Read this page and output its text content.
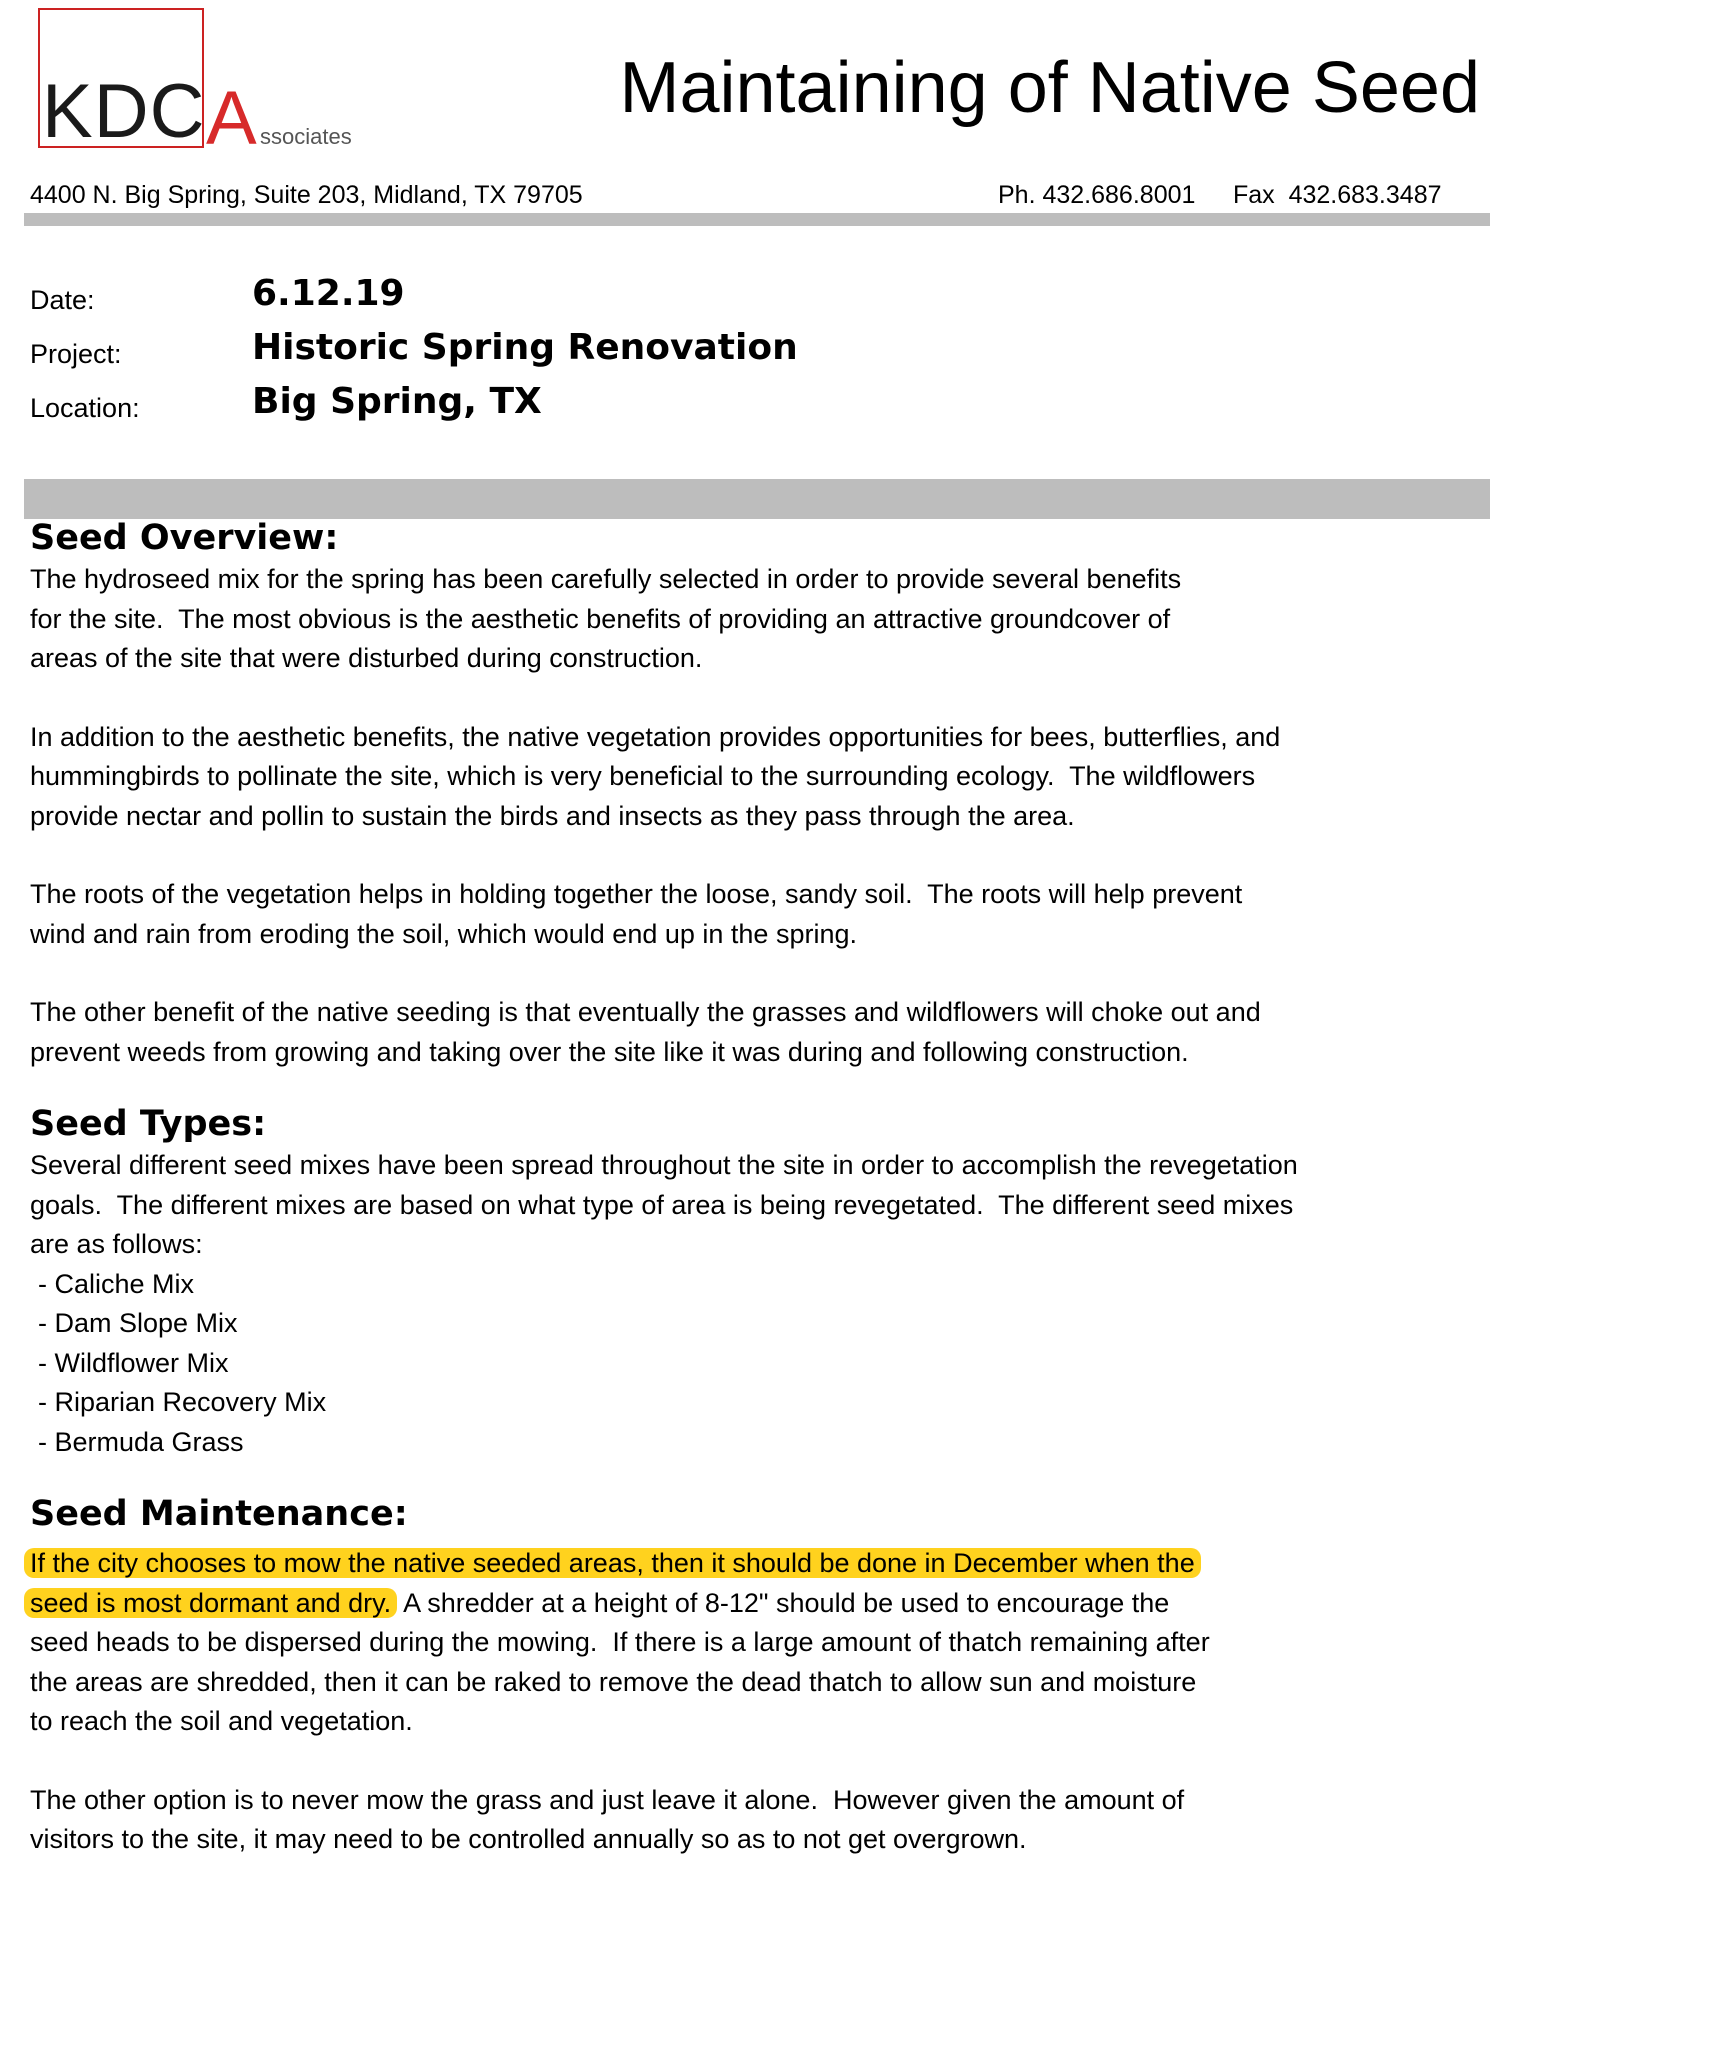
KDC A ssociates
Maintaining of Native Seed
4400 N. Big Spring, Suite 203, Midland, TX 79705	Ph. 432.686.8001 Fax  432.683.3487
Date:	6.12.19
Project:	Historic Spring Renovation
Location:	Big Spring, TX
Seed Overview:

The hydroseed mix for the spring has been carefully selected in order to provide several benefits
for the site.  The most obvious is the aesthetic benefits of providing an attractive groundcover of
areas of the site that were disturbed during construction.

In addition to the aesthetic benefits, the native vegetation provides opportunities for bees, butterflies, and
hummingbirds to pollinate the site, which is very beneficial to the surrounding ecology.  The wildflowers
provide nectar and pollin to sustain the birds and insects as they pass through the area.

The roots of the vegetation helps in holding together the loose, sandy soil.  The roots will help prevent
wind and rain from eroding the soil, which would end up in the spring.

The other benefit of the native seeding is that eventually the grasses and wildflowers will choke out and
prevent weeds from growing and taking over the site like it was during and following construction.

Seed Types:

Several different seed mixes have been spread throughout the site in order to accomplish the revegetation
goals.  The different mixes are based on what type of area is being revegetated.  The different seed mixes
are as follows:

- Caliche Mix
- Dam Slope Mix
- Wildflower Mix
- Riparian Recovery Mix
- Bermuda Grass
Seed Maintenance:

If the city chooses to mow the native seeded areas, then it should be done in December when the
seed is most dormant and dry. A shredder at a height of 8-12" should be used to encourage the
seed heads to be dispersed during the mowing.  If there is a large amount of thatch remaining after
the areas are shredded, then it can be raked to remove the dead thatch to allow sun and moisture
to reach the soil and vegetation.

The other option is to never mow the grass and just leave it alone.  However given the amount of
visitors to the site, it may need to be controlled annually so as to not get overgrown.
